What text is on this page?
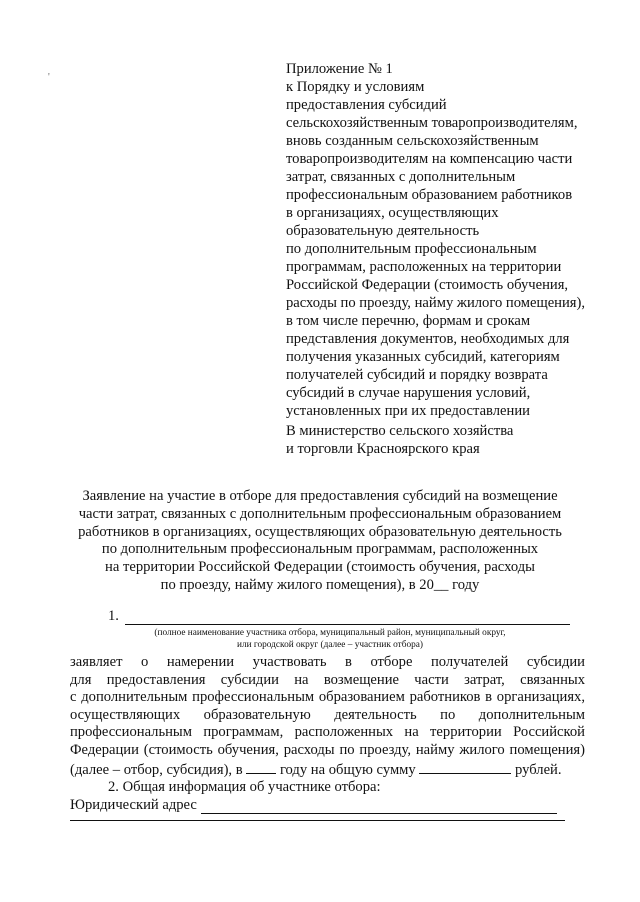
'
Приложение № 1
к Порядку и условиям
предоставления субсидий
сельскохозяйственным товаропроизводителям,
вновь созданным сельскохозяйственным
товаропроизводителям на компенсацию части
затрат, связанных с дополнительным
профессиональным образованием работников
в организациях, осуществляющих
образовательную деятельность
по дополнительным профессиональным
программам, расположенных на территории
Российской Федерации (стоимость обучения,
расходы по проезду, найму жилого помещения),
в том числе перечню, формам и срокам
представления документов, необходимых для
получения указанных субсидий, категориям
получателей субсидий и порядку возврата
субсидий в случае нарушения условий,
установленных при их предоставлении
В министерство сельского хозяйства
и торговли Красноярского края
Заявление на участие в отборе для предоставления субсидий на возмещение
части затрат, связанных с дополнительным профессиональным образованием
работников в организациях, осуществляющих образовательную деятельность
по дополнительным профессиональным программам, расположенных
на территории Российской Федерации (стоимость обучения, расходы
по проезду, найму жилого помещения), в 20__ году
1.
(полное наименование участника отбора, муниципальный район, муниципальный округ,
или городской округ (далее – участник отбора)
заявляет о намерении участвовать в отборе получателей субсидии
для предоставления субсидии на возмещение части затрат, связанных
с дополнительным профессиональным образованием работников в организациях,
осуществляющих образовательную деятельность по дополнительным
профессиональным программам, расположенных на территории Российской
Федерации (стоимость обучения, расходы по проезду, найму жилого помещения)
(далее – отбор, субсидия), в	году на общую сумму	рублей.
2. Общая информация об участнике отбора:
Юридический адрес
